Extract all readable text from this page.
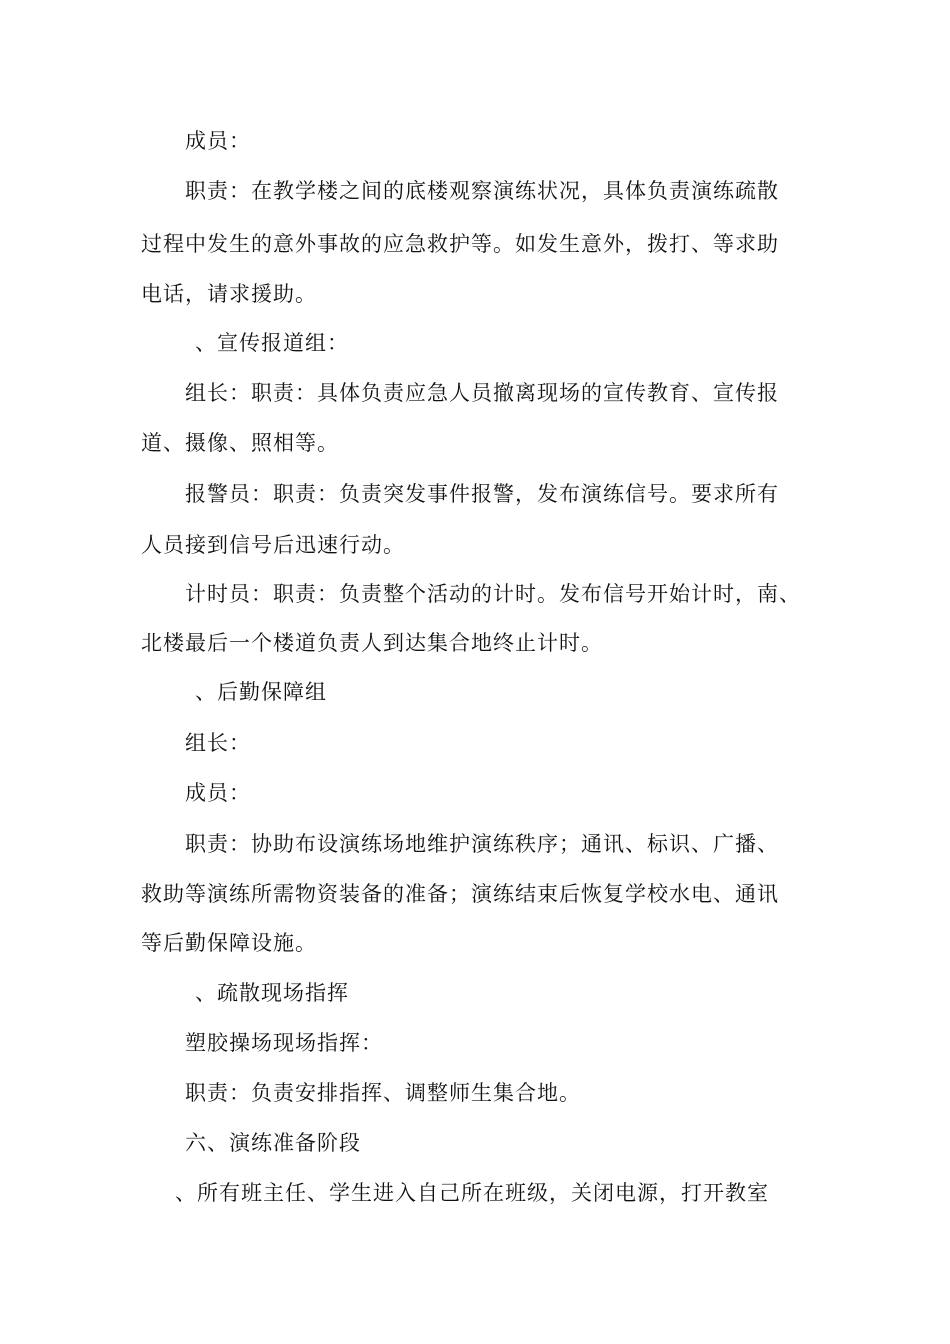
成员：
职责：在教学楼之间的底楼观察演练状况，具体负责演练疏散
过程中发生的意外事故的应急救护等。如发生意外，拨打、等求助
电话，请求援助。
、宣传报道组：
组长：职责：具体负责应急人员撤离现场的宣传教育、宣传报
道、摄像、照相等。
报警员：职责：负责突发事件报警，发布演练信号。要求所有
人员接到信号后迅速行动。
计时员：职责：负责整个活动的计时。发布信号开始计时，南、
北楼最后一个楼道负责人到达集合地终止计时。
、后勤保障组
组长：
成员：
职责：协助布设演练场地维护演练秩序；通讯、标识、广播、
救助等演练所需物资装备的准备；演练结束后恢复学校水电、通讯
等后勤保障设施。
、疏散现场指挥
塑胶操场现场指挥：
职责：负责安排指挥、调整师生集合地。
六、演练准备阶段
、所有班主任、学生进入自己所在班级，关闭电源，打开教室
